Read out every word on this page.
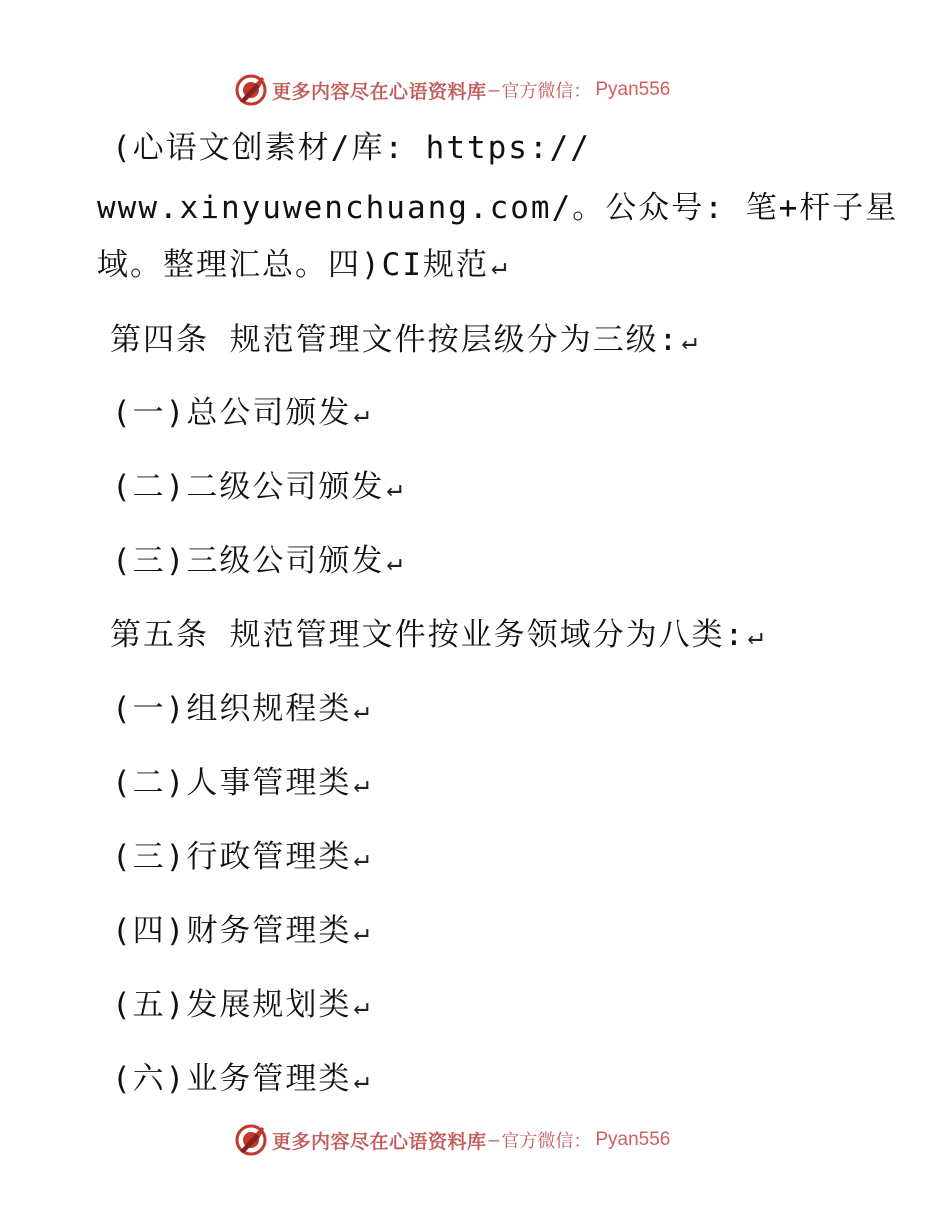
更多内容尽在心语资料库 — 官方微信： Pyan556
(心语文创素材/库: https://
www.xinyuwenchuang.com/。公众号: 笔+杆子星
域。整理汇总。四)CI规范↵
第四条 规范管理文件按层级分为三级:↵
(一)总公司颁发↵
(二)二级公司颁发↵
(三)三级公司颁发↵
第五条 规范管理文件按业务领域分为八类:↵
(一)组织规程类↵
(二)人事管理类↵
(三)行政管理类↵
(四)财务管理类↵
(五)发展规划类↵
(六)业务管理类↵
更多内容尽在心语资料库 — 官方微信： Pyan556
